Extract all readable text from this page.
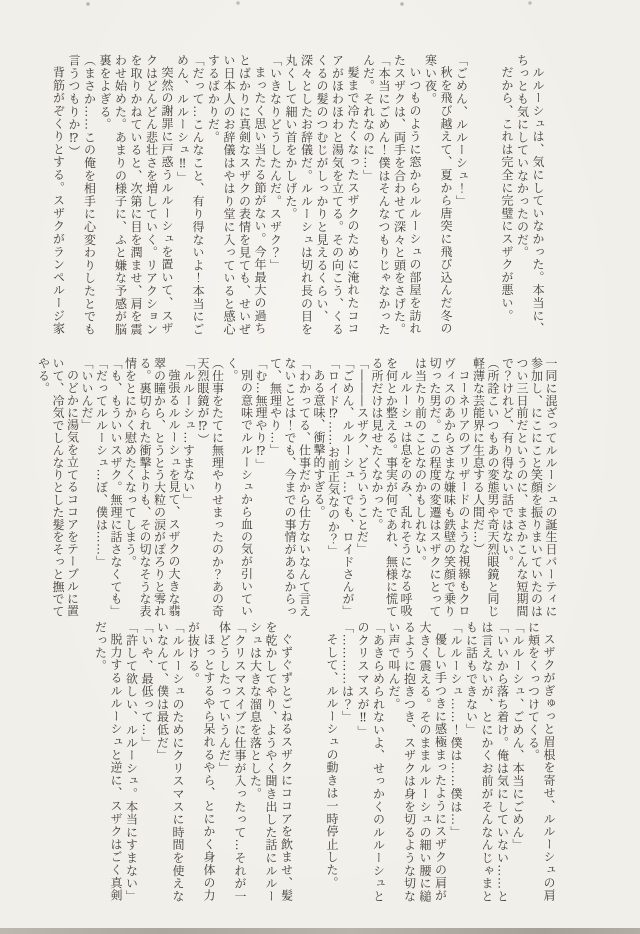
ルルーシュは、気にしていなかった。本当に、ちっとも気にしていなかったのだ。

だから、これは完全に完璧にスザクが悪い。

「ごめん、ルルーシュ！」

秋を飛び越えて、夏から唐突に飛び込んだ冬の寒い夜。

いつものように窓からルルーシュの部屋を訪れたスザクは、両手を合わせて深々と頭をさげた。

「本当にごめん！僕はそんなつもりじゃなかったんだ。それなのに…」

髪まで冷たくなったスザクのために淹れたココアがほわほわと湯気を立てる。その向こう、くるくるの髪のつむじがしっかりと見えるくらい、深々としたお辞儀だ。ルルーシュは切れ長の目を丸くして細い首をかしげた。

「いきなりどうしたんだ。スザク？」

まったく思い当たる節がない。今年最大の過ちとばかりに真剣なスザクの表情を見ても、せいぜい日本人のお辞儀はやはり堂に入っていると感心するばかりだ。

「だって…こんなこと、有り得ないよ！本当にごめん、ルルーシュ‼」

突然の謝罪に戸惑うルルーシュを置いて、スザクはどんどん悲壮さを増していく。リアクションを取りかねていると、次第に目を潤ませ、肩を震わせ始めた。あまりの様子に、ふと嫌な予感が脳裏をよぎる。

（まさか……この俺を相手に心変わりしたとでも言うつもりか⁉）

背筋がぞくりとする。スザクがランペルージ家

一同に混ざってルルーシュの誕生日パーティに参加し、にこにこと笑顔を振りまいていたのはつい三日前だというのに、まさかこんな短期間で？けれど、有り得ない話ではない。

（所詮こいつもあの変態男や奇天烈眼鏡と同じ軽薄な芸能界に生息する人間だ…）

コーネリアのブリザードのような視線もクロヴィスのあからさまな嫌味も鉄壁の笑顔で乗り切った男だ。この程度の変遷はスザクにとっては当たり前のことなのかもしれない。

ルルーシュは息をのみ、乱れそうになる呼吸を何とか整える。事実が何であれ、無様に慌てる所だけは見せたくなかった。

「―――スザク、どういうことだ」

「ごめん、ルルーシュ…でも、ロイドさんが」

「ロイド⁉……お前正気なのか？」

ある意味、衝撃的すぎる。

「わかってる、仕事だから仕方ないなんて言えないことは！でも、今までの事情があるからって、無理やり…」

「む…無理やり⁉」

別の意味でルルーシュから血の気が引いていく。

（仕事をたてに無理やりせまったのか？あの奇天烈眼鏡が⁉）

「ルルーシュ…すまない」

強張るルルーシュを見て、スザクの大きな翡翠の瞳から、とうとう大粒の涙がぽろりと零れる。裏切られた衝撃よりも、その切なそうな表情をとにかく慰めたくなってしまう。

「も、もういいスザク。無理に話さなくても」

「だってルルーシュ…ぼ、僕は……」

「いいんだ」

のどかに湯気を立てるココアをテーブルに置いて、冷気でしんなりとした髪をそっと撫でてやる。

スザクがぎゅっと眉根を寄せ、ルルーシュの肩に頬をくっつけてくる。

「ルルーシュ、ごめん、本当にごめん」

「いいから落ち着け。俺は気にしていない……とは言えないが、とにかくお前がそんなんじゃまともに話もできない」

「ルルーシュ……！僕は……僕は…」

優しい手つきに感極まったようにスザクの肩が大きく震える。そのままルルーシュの細い腰に縋るように抱きつき、スザクは身を切るような切ない声で叫んだ。

「あきらめられないよ、せっかくのルルーシュとのクリスマスが‼」

「…………は？」

そして、ルルーシュの動きは一時停止した。

ぐずぐずとごねるスザクにココアを飲ませ、髪を乾かしてやり、ようやく聞き出した話にルルーシュは大きな溜息を落とした。

「クリスマスイブに仕事が入ったって…それが一体どうしたっていうんだ」

ほっとするやら呆れるやら、とにかく身体の力が抜ける。

「ルルーシュのためにクリスマスに時間を使えないなんて、僕は最低だ」

「いや、最低って…」

「許して欲しい、ルルーシュ。本当にすまない」

脱力するルルーシュと逆に、スザクはごく真剣だった。
